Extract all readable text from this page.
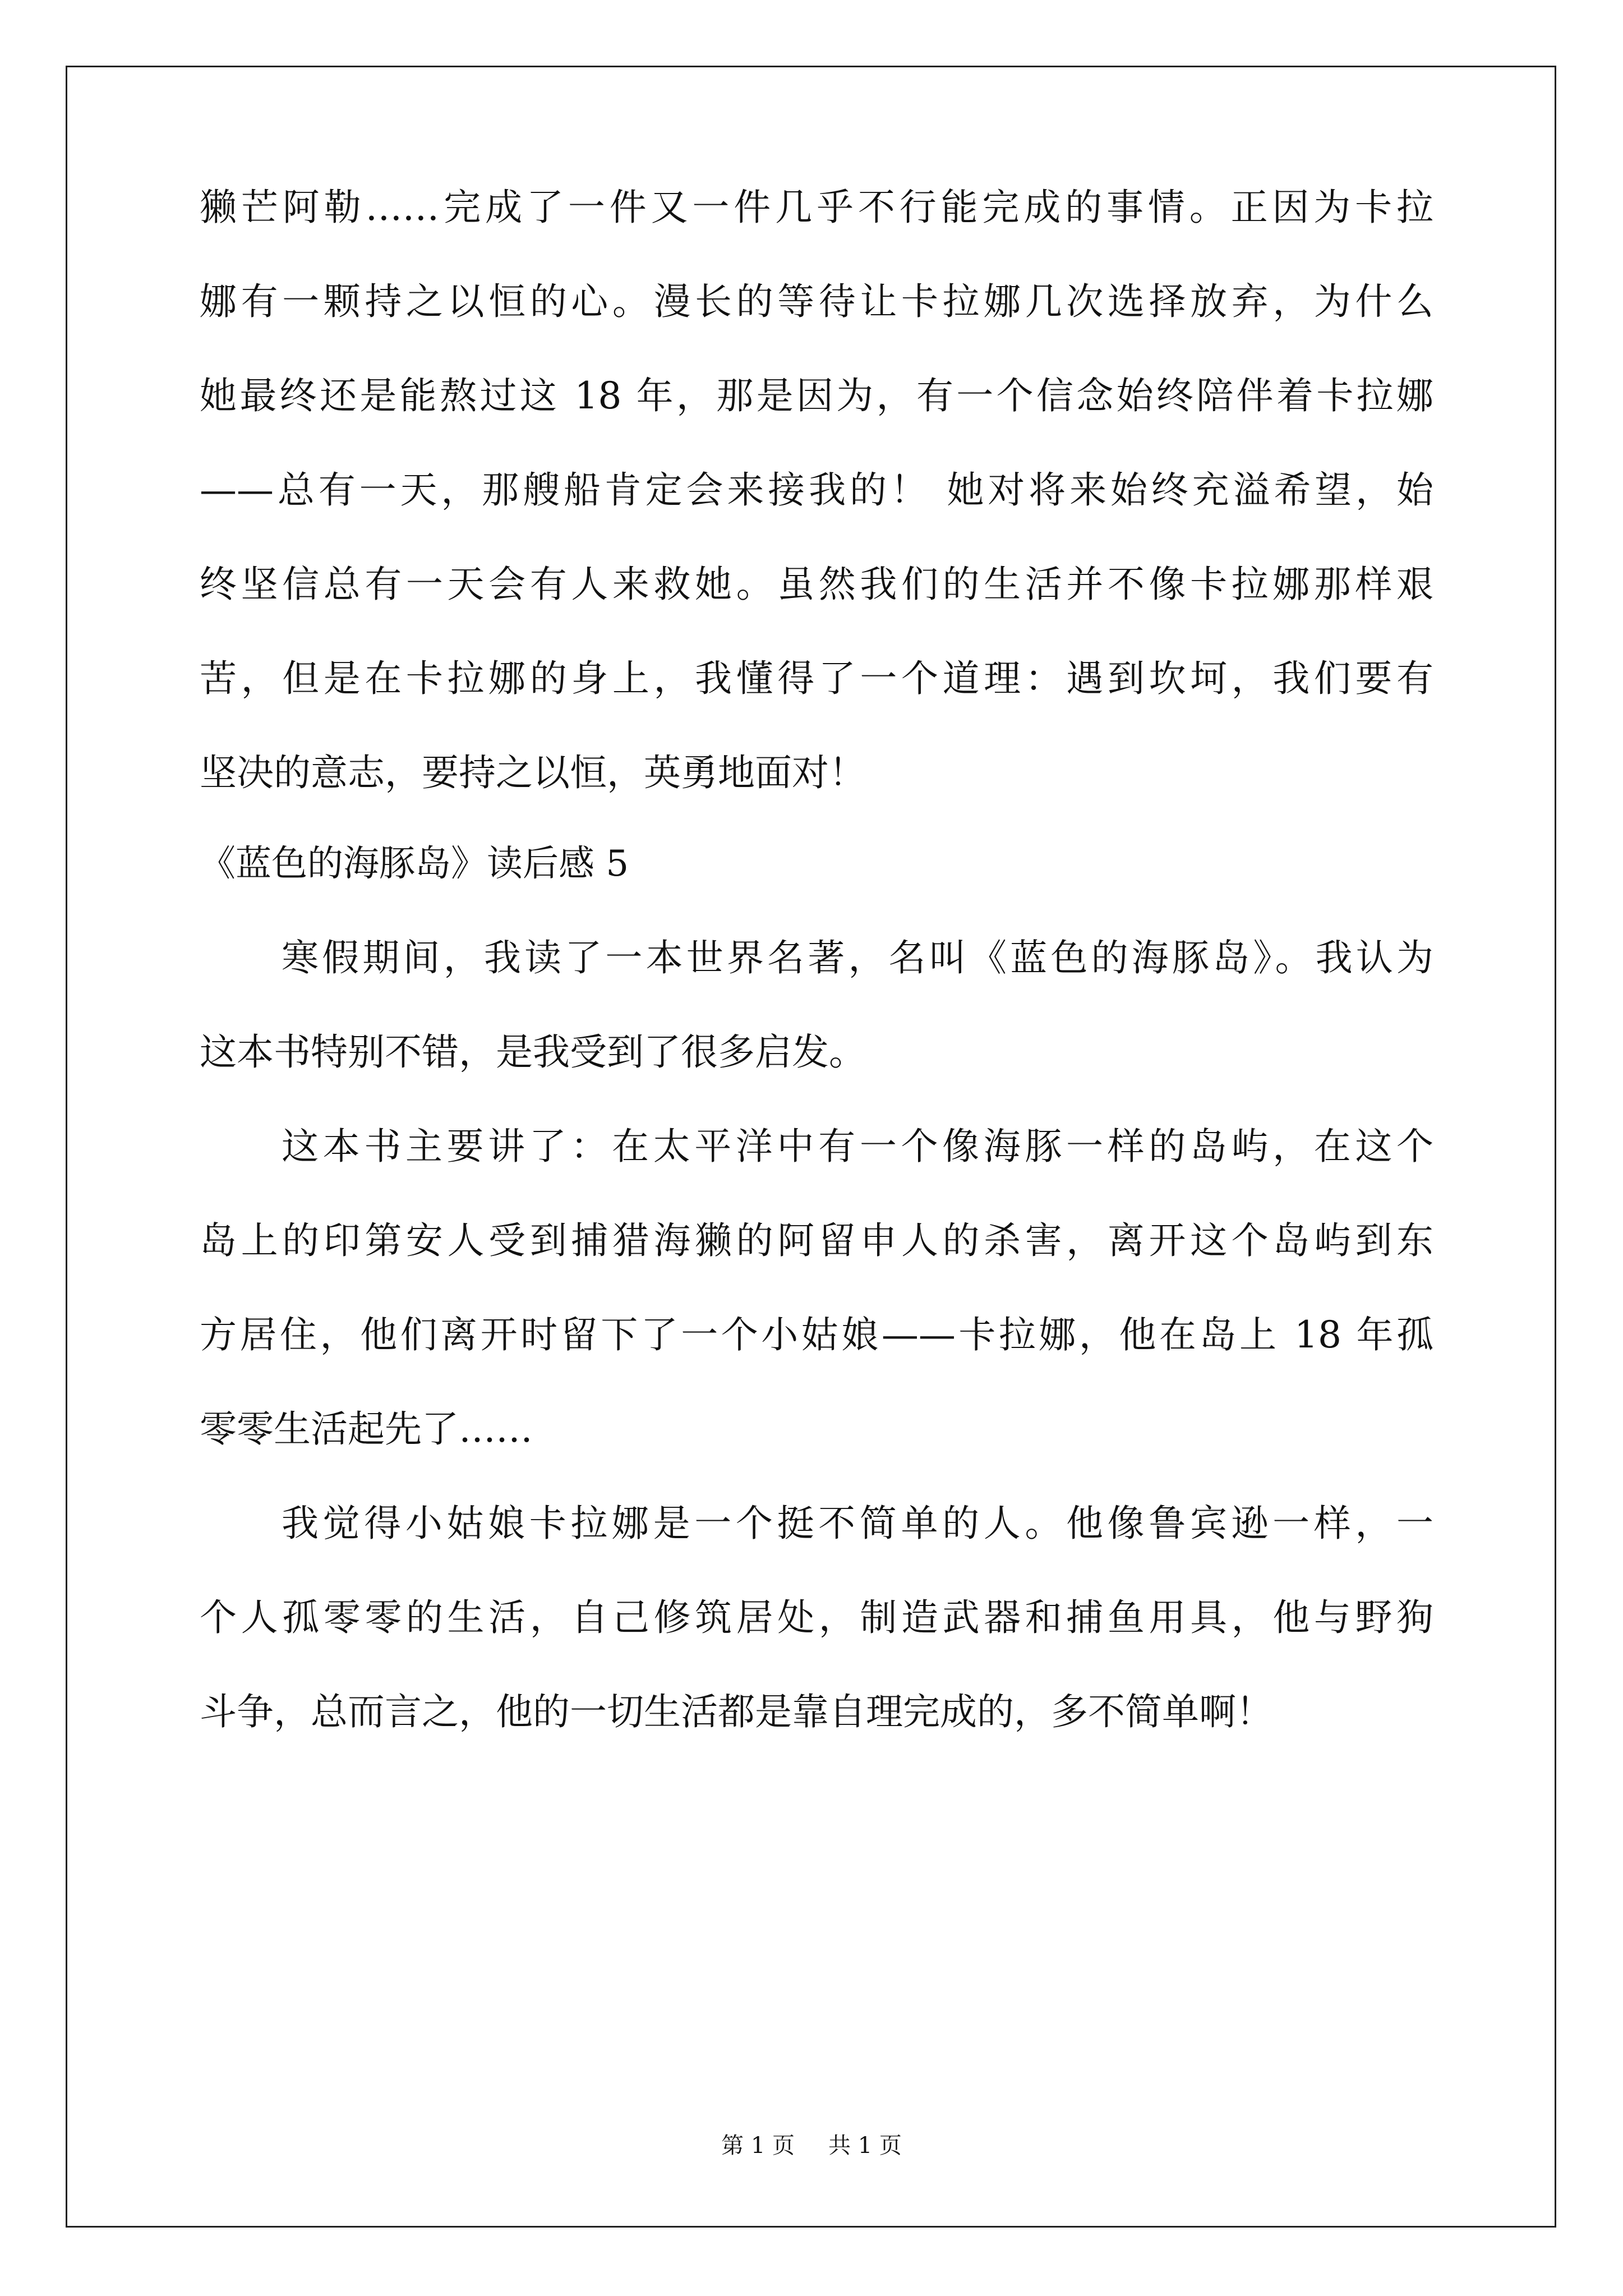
獭芒阿勒……完成了一件又一件几乎不行能完成的事情。正因为卡拉
娜有一颗持之以恒的心。漫长的等待让卡拉娜几次选择放弃，为什么
她最终还是能熬过这 18 年，那是因为，有一个信念始终陪伴着卡拉娜
——总有一天，那艘船肯定会来接我的！ 她对将来始终充溢希望，始
终坚信总有一天会有人来救她。虽然我们的生活并不像卡拉娜那样艰
苦，但是在卡拉娜的身上，我懂得了一个道理：遇到坎坷，我们要有
坚决的意志，要持之以恒，英勇地面对！
《蓝色的海豚岛》读后感 5
寒假期间，我读了一本世界名著，名叫《蓝色的海豚岛》。我认为
这本书特别不错，是我受到了很多启发。
这本书主要讲了：在太平洋中有一个像海豚一样的岛屿，在这个
岛上的印第安人受到捕猎海獭的阿留申人的杀害，离开这个岛屿到东
方居住，他们离开时留下了一个小姑娘——卡拉娜，他在岛上 18 年孤
零零生活起先了……
我觉得小姑娘卡拉娜是一个挺不简单的人。他像鲁宾逊一样，一
个人孤零零的生活，自己修筑居处，制造武器和捕鱼用具，他与野狗
斗争，总而言之，他的一切生活都是靠自理完成的，多不简单啊！
第 1 页 共 1 页
